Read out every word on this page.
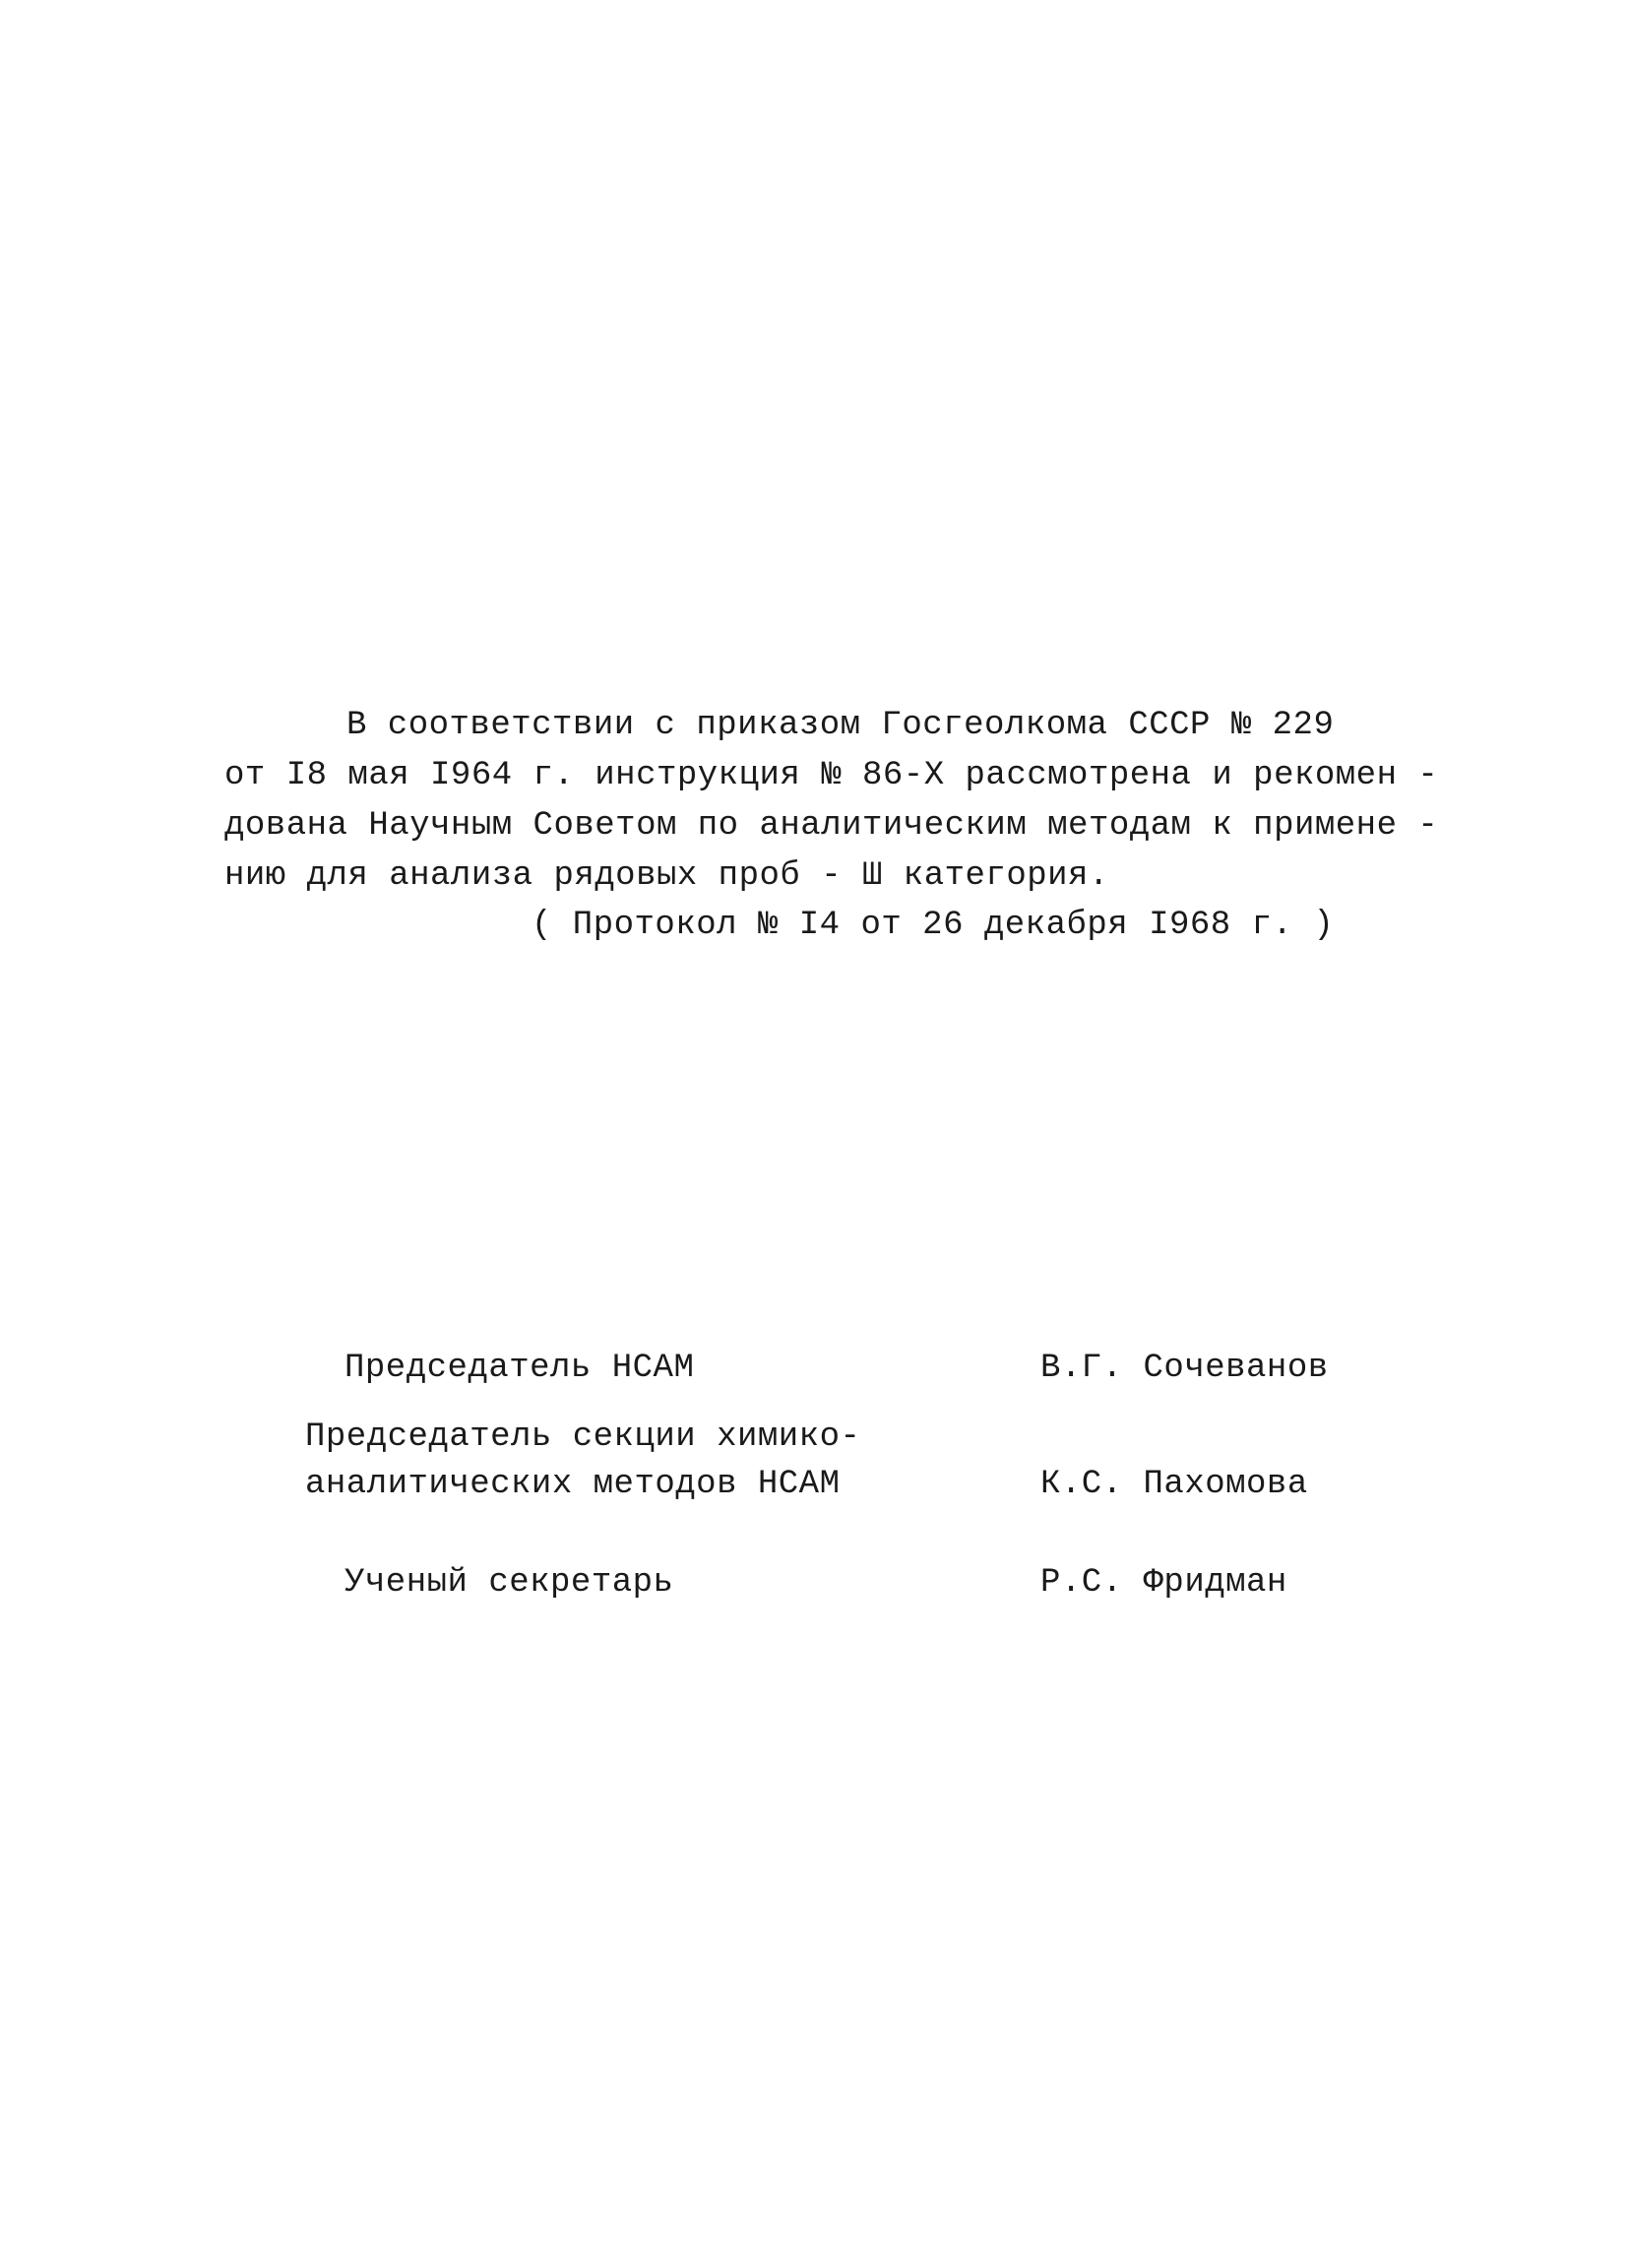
В соответствии с приказом Госгеолкома СССР № 229
от I8 мая I964 г. инструкция № 86-Х рассмотрена и рекомен -
дована Научным Советом по аналитическим методам к применe -
нию для анализа рядовых проб - Ш категория.
( Протокол № I4 от 26 декабря I968 г. )
Председатель НСАМ	В.Г. Сочеванов
Председатель секции химико-
аналитических методов НСАМ	К.С. Пахомова
Ученый секретарь	Р.С. Фридман
